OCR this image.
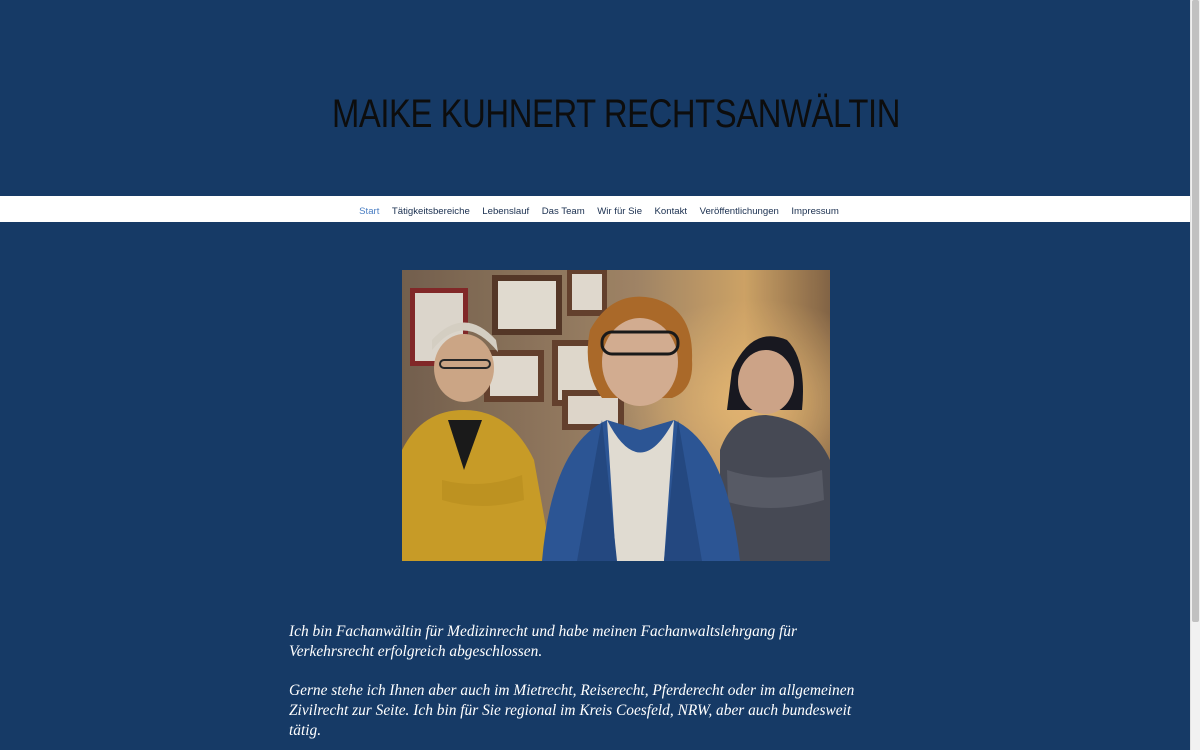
MAIKE KUHNERT RECHTSANWÄLTIN
Start Tätigkeitsbereiche Lebenslauf Das Team Wir für Sie Kontakt Veröffentlichungen Impressum

Ich bin Fachanwältin für Medizinrecht und habe meinen Fachanwaltslehrgang für Verkehrsrecht erfolgreich abgeschlossen.

Gerne stehe ich Ihnen aber auch im Mietrecht, Reiserecht, Pferderecht oder im allgemeinen Zivilrecht zur Seite. Ich bin für Sie regional im Kreis Coesfeld, NRW, aber auch bundesweit tätig.
